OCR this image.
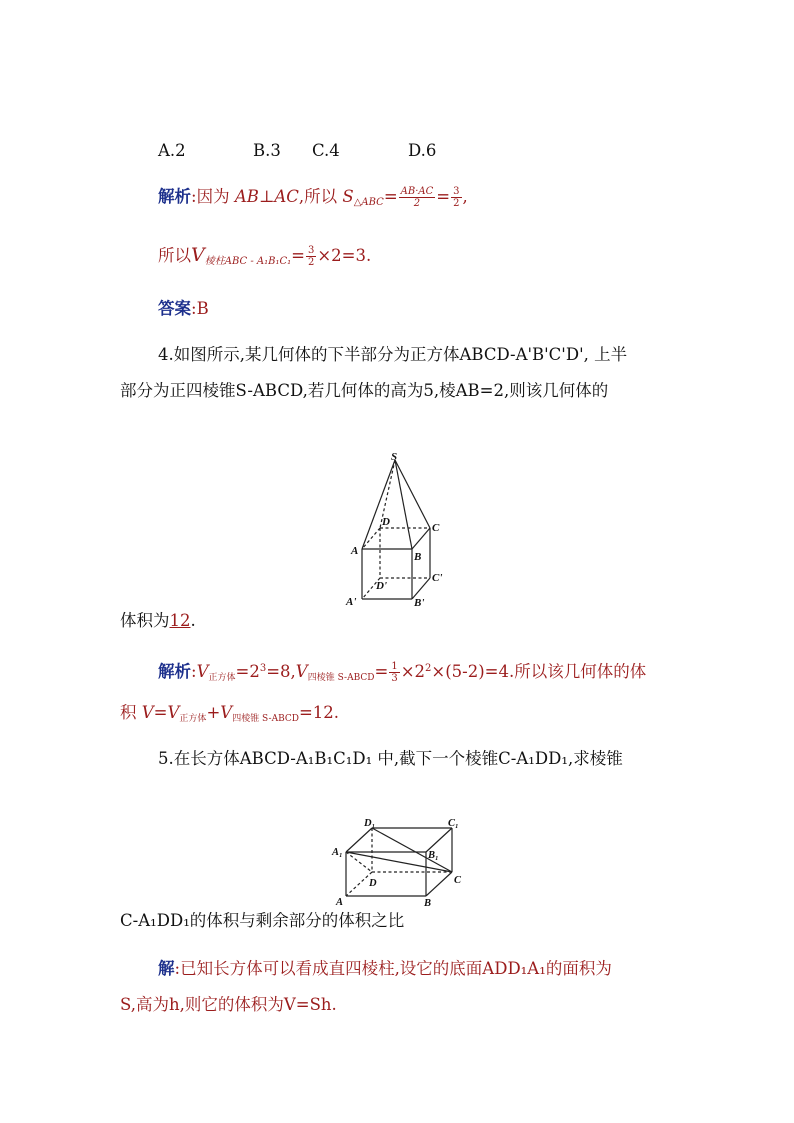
A.2	B.3 C.4	D.6
解析:因为 AB⊥AC,所以 $S_{\triangle ABC}= \frac{AB\cdot AC}{2} = \frac{3}{2}$ ,
所以$V_{棱柱ABC - A_1B_1C_1}= \frac{3}{2} \times 2=3$.
答案:B
4.如图所示,某几何体的下半部分为正方体ABCD-A'B'C'D', 上半
部分为正四棱锥S-ABCD,若几何体的高为5,棱AB=2,则该几何体的
S
D	C
A	B
D'
C'
A'	B'
体积为12.
解析$:V_{正方体}=2^3=8,V_{四棱锥 S-ABCD}= \frac{1}{3} \times 2^2\times(5-2)=4$.所以该几何体的体
积 $V=V_{正方体}+V_{四棱锥 S-ABCD}=12$.
5.在长方体ABCD-A₁B₁C₁D₁ 中,截下一个棱锥C-A₁DD₁,求棱锥
D₁	C₁
A₁	B₁
D	C
A	B
C-A₁DD₁的体积与剩余部分的体积之比
解:已知长方体可以看成直四棱柱,设它的底面ADD₁A₁的面积为
S,高为h,则它的体积为V=Sh.
